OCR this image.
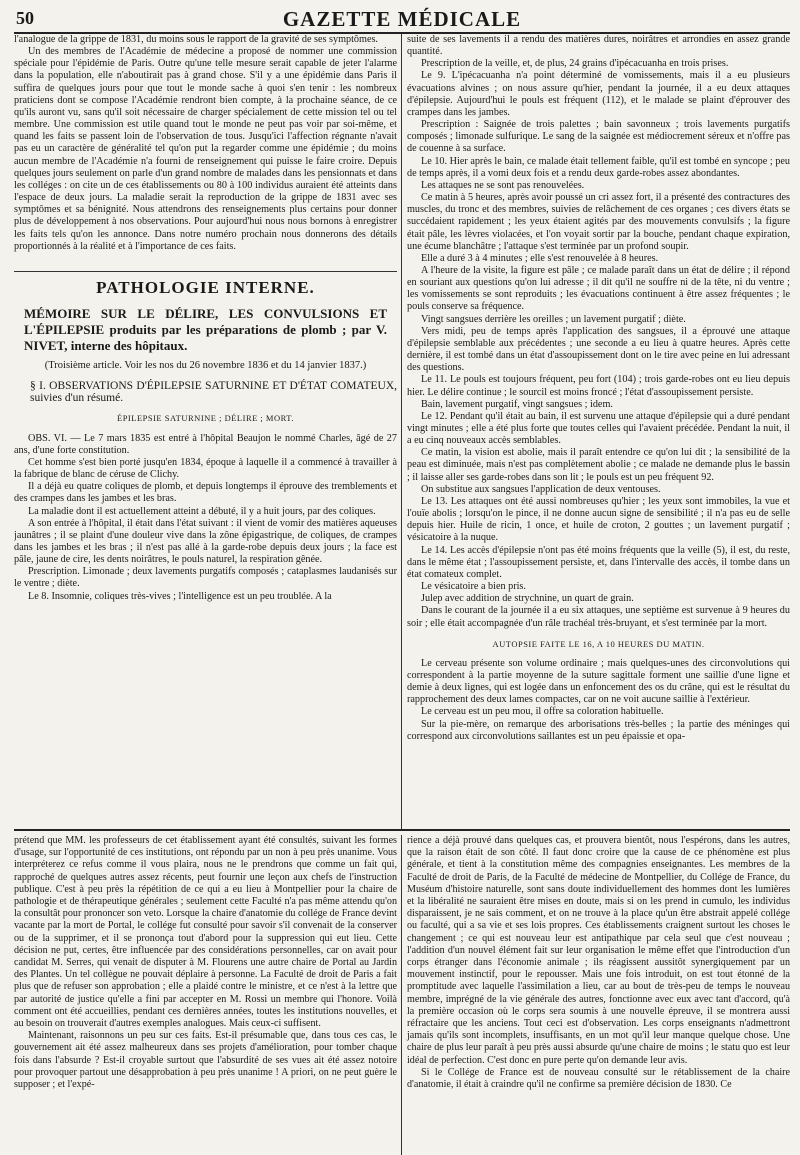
50	GAZETTE MÉDICALE

l'analogue de la grippe de 1831, du moins sous le rapport de la gravité de ses symptômes.

Un des membres de l'Académie de médecine a proposé de nommer une commission spéciale pour l'épidémie de Paris. Outre qu'une telle mesure serait capable de jeter l'alarme dans la population, elle n'aboutirait pas à grand chose. S'il y a une épidémie dans Paris il suffira de quelques jours pour que tout le monde sache à quoi s'en tenir : les nombreux praticiens dont se compose l'Académie rendront bien compte, à la prochaine séance, de ce qu'ils auront vu, sans qu'il soit nécessaire de charger spécialement de cette mission tel ou tel membre. Une commission est utile quand tout le monde ne peut pas voir par soi-même, et quand les faits se passent loin de l'observation de tous. Jusqu'ici l'affection régnante n'avait pas eu un caractère de généralité tel qu'on put la regarder comme une épidémie ; du moins aucun membre de l'Académie n'a fourni de renseignement qui puisse le faire croire. Depuis quelques jours seulement on parle d'un grand nombre de malades dans les pensionnats et dans les colléges : on cite un de ces établissements ou 80 à 100 individus auraient été atteints dans l'espace de deux jours. La maladie serait la reproduction de la grippe de 1831 avec ses symptômes et sa bénignité. Nous attendrons des renseignements plus certains pour donner plus de développement à nos observations. Pour aujourd'hui nous nous bornons à enregistrer les faits tels qu'on les annonce. Dans notre numéro prochain nous donnerons des détails proportionnés à la réalité et à l'importance de ces faits.

PATHOLOGIE INTERNE.

MÉMOIRE SUR LE DÉLIRE, LES CONVULSIONS ET L'ÉPILEPSIE produits par les préparations de plomb ; par V. NIVET, interne des hôpitaux.

(Troisième article. Voir les nos du 26 novembre 1836 et du 14 janvier 1837.)

§ I. OBSERVATIONS D'ÉPILEPSIE SATURNINE ET D'ÉTAT COMATEUX, suivies d'un résumé.

ÉPILEPSIE SATURNINE ; DÉLIRE ; MORT.

OBS. VI. — Le 7 mars 1835 est entré à l'hôpital Beaujon le nommé Charles, âgé de 27 ans, d'une forte constitution.

Cet homme s'est bien porté jusqu'en 1834, époque à laquelle il a commencé à travailler à la fabrique de blanc de céruse de Clichy.

Il a déjà eu quatre coliques de plomb, et depuis longtemps il éprouve des tremblements et des crampes dans les jambes et les bras.

La maladie dont il est actuellement atteint a débuté, il y a huit jours, par des coliques.

A son entrée à l'hôpital, il était dans l'état suivant : il vient de vomir des matières aqueuses jaunâtres ; il se plaint d'une douleur vive dans la zône épigastrique, de coliques, de crampes dans les jambes et les bras ; il n'est pas allé à la garde-robe depuis deux jours ; la face est pâle, jaune de cire, les dents noirâtres, le pouls naturel, la respiration gênée.

Prescription. Limonade ; deux lavements purgatifs composés ; cataplasmes laudanisés sur le ventre ; diète.

Le 8. Insomnie, coliques très-vives ; l'intelligence est un peu troublée. A la

suite de ses lavements il a rendu des matières dures, noirâtres et arrondies en assez grande quantité.

Prescription de la veille, et, de plus, 24 grains d'ipécacuanha en trois prises.

Le 9. L'ipécacuanha n'a point déterminé de vomissements, mais il a eu plusieurs évacuations alvines ; on nous assure qu'hier, pendant la journée, il a eu deux attaques d'épilepsie. Aujourd'hui le pouls est fréquent (112), et le malade se plaint d'éprouver des crampes dans les jambes.

Prescription : Saignée de trois palettes ; bain savonneux ; trois lavements purgatifs composés ; limonade sulfurique. Le sang de la saignée est médiocrement séreux et n'offre pas de couenne à sa surface.

Le 10. Hier après le bain, ce malade était tellement faible, qu'il est tombé en syncope ; peu de temps après, il a vomi deux fois et a rendu deux garde-robes assez abondantes.

Les attaques ne se sont pas renouvelées.

Ce matin à 5 heures, après avoir poussé un cri assez fort, il a présenté des contractures des muscles, du tronc et des membres, suivies de relâchement de ces organes ; ces divers états se succédaient rapidement ; les yeux étaient agités par des mouvements convulsifs ; la figure était pâle, les lèvres violacées, et l'on voyait sortir par la bouche, pendant chaque expiration, une écume blanchâtre ; l'attaque s'est terminée par un profond soupir.

Elle a duré 3 à 4 minutes ; elle s'est renouvelée à 8 heures.

A l'heure de la visite, la figure est pâle ; ce malade paraît dans un état de délire ; il répond en souriant aux questions qu'on lui adresse ; il dit qu'il ne souffre ni de la tête, ni du ventre ; les vomissements se sont reproduits ; les évacuations continuent à être assez fréquentes ; le pouls conserve sa fréquence.

Vingt sangsues derrière les oreilles ; un lavement purgatif ; diète.

Vers midi, peu de temps après l'application des sangsues, il a éprouvé une attaque d'épilepsie semblable aux précédentes ; une seconde a eu lieu à quatre heures. Après cette dernière, il est tombé dans un état d'assoupissement dont on le tire avec peine en lui adressant des questions.

Le 11. Le pouls est toujours fréquent, peu fort (104) ; trois garde-robes ont eu lieu depuis hier. Le délire continue ; le sourcil est moins froncé ; l'état d'assoupissement persiste.

Bain, lavement purgatif, vingt sangsues ; idem.

Le 12. Pendant qu'il était au bain, il est survenu une attaque d'épilepsie qui a duré pendant vingt minutes ; elle a été plus forte que toutes celles qui l'avaient précédée. Pendant la nuit, il a eu cinq nouveaux accès semblables.

Ce matin, la vision est abolie, mais il paraît entendre ce qu'on lui dit ; la sensibilité de la peau est diminuée, mais n'est pas complètement abolie ; ce malade ne demande plus le bassin ; il laisse aller ses garde-robes dans son lit ; le pouls est un peu fréquent 92.

On substitue aux sangsues l'application de deux ventouses.

Le 13. Les attaques ont été aussi nombreuses qu'hier ; les yeux sont immobiles, la vue et l'ouïe abolis ; lorsqu'on le pince, il ne donne aucun signe de sensibilité ; il n'a pas eu de selle depuis hier. Huile de ricin, 1 once, et huile de croton, 2 gouttes ; un lavement purgatif ; vésicatoire à la nuque.

Le 14. Les accès d'épilepsie n'ont pas été moins fréquents que la veille (5), il est, du reste, dans le même état ; l'assoupissement persiste, et, dans l'intervalle des accès, il tombe dans un état comateux complet.

Le vésicatoire a bien pris.

Julep avec addition de strychnine, un quart de grain.

Dans le courant de la journée il a eu six attaques, une septième est survenue à 9 heures du soir ; elle était accompagnée d'un râle trachéal très-bruyant, et s'est terminée par la mort.

AUTOPSIE FAITE LE 16, A 10 HEURES DU MATIN.

Le cerveau présente son volume ordinaire ; mais quelques-unes des circonvolutions qui correspondent à la partie moyenne de la suture sagittale forment une saillie d'une ligne et demie à deux lignes, qui est logée dans un enfoncement des os du crâne, qui est le résultat du rapprochement des deux lames compactes, car on ne voit aucune saillie à l'extérieur.

Le cerveau est un peu mou, il offre sa coloration habituelle.

Sur la pie-mère, on remarque des arborisations très-belles ; la partie des méninges qui correspond aux circonvolutions saillantes est un peu épaissie et opa-

prétend que MM. les professeurs de cet établissement ayant été consultés, suivant les formes d'usage, sur l'opportunité de ces institutions, ont répondu par un non à peu près unanime. Vous interpréterez ce refus comme il vous plaira, nous ne le prendrons que comme un fait qui, rapproché de quelques autres assez récents, peut fournir une leçon aux chefs de l'instruction publique. C'est à peu près la répétition de ce qui a eu lieu à Montpellier pour la chaire de pathologie et de thérapeutique générales ; seulement cette Faculté n'a pas même attendu qu'on la consultât pour prononcer son veto. Lorsque la chaire d'anatomie du collége de France devint vacante par la mort de Portal, le collége fut consulté pour savoir s'il convenait de la conserver ou de la supprimer, et il se prononça tout d'abord pour la suppression qui eut lieu. Cette décision ne put, certes, être influencée par des considérations personnelles, car on avait pour candidat M. Serres, qui venait de disputer à M. Flourens une autre chaire de Portal au Jardin des Plantes. Un tel collègue ne pouvait déplaire à personne. La Faculté de droit de Paris a fait plus que de refuser son approbation ; elle a plaidé contre le ministre, et ce n'est à la lettre que par autorité de justice qu'elle a fini par accepter en M. Rossi un membre qui l'honore. Voilà comment ont été accueillies, pendant ces dernières années, toutes les institutions nouvelles, et au besoin on trouverait d'autres exemples analogues. Mais ceux-ci suffisent.

Maintenant, raisonnons un peu sur ces faits. Est-il présumable que, dans tous ces cas, le gouvernement ait été assez malheureux dans ses projets d'amélioration, pour tomber chaque fois dans l'absurde ? Est-il croyable surtout que l'absurdité de ses vues ait été assez notoire pour provoquer partout une désapprobation à peu près unanime ! A priori, on ne peut guère le supposer ; et l'expé-

rience a déjà prouvé dans quelques cas, et prouvera bientôt, nous l'espérons, dans les autres, que la raison était de son côté. Il faut donc croire que la cause de ce phénomène est plus générale, et tient à la constitution même des compagnies enseignantes. Les membres de la Faculté de droit de Paris, de la Faculté de médecine de Montpellier, du Collége de France, du Muséum d'histoire naturelle, sont sans doute individuellement des hommes dont les lumières et la libéralité ne sauraient être mises en doute, mais si on les prend in cumulo, les individus disparaissent, je ne sais comment, et on ne trouve à la place qu'un être abstrait appelé collége ou faculté, qui a sa vie et ses lois propres. Ces établissements craignent surtout les choses le changement ; ce qui est nouveau leur est antipathique par cela seul que c'est nouveau ; l'addition d'un nouvel élément fait sur leur organisation le même effet que l'introduction d'un corps étranger dans l'économie animale ; ils réagissent aussitôt synergiquement par un mouvement instinctif, pour le repousser. Mais une fois introduit, on est tout étonné de la promptitude avec laquelle l'assimilation a lieu, car au bout de très-peu de temps le nouveau membre, imprégné de la vie générale des autres, fonctionne avec eux avec tant d'accord, qu'à la première occasion où le corps sera soumis à une nouvelle épreuve, il se montrera aussi réfractaire que les anciens. Tout ceci est d'observation. Les corps enseignants n'admettront jamais qu'ils sont incomplets, insuffisants, en un mot qu'il leur manque quelque chose. Une chaire de plus leur paraît à peu près aussi absurde qu'une chaire de moins ; le statu quo est leur idéal de perfection. C'est donc en pure perte qu'on demande leur avis.

Si le Collége de France est de nouveau consulté sur le rétablissement de la chaire d'anatomie, il était à craindre qu'il ne confirme sa première décision de 1830. Ce
